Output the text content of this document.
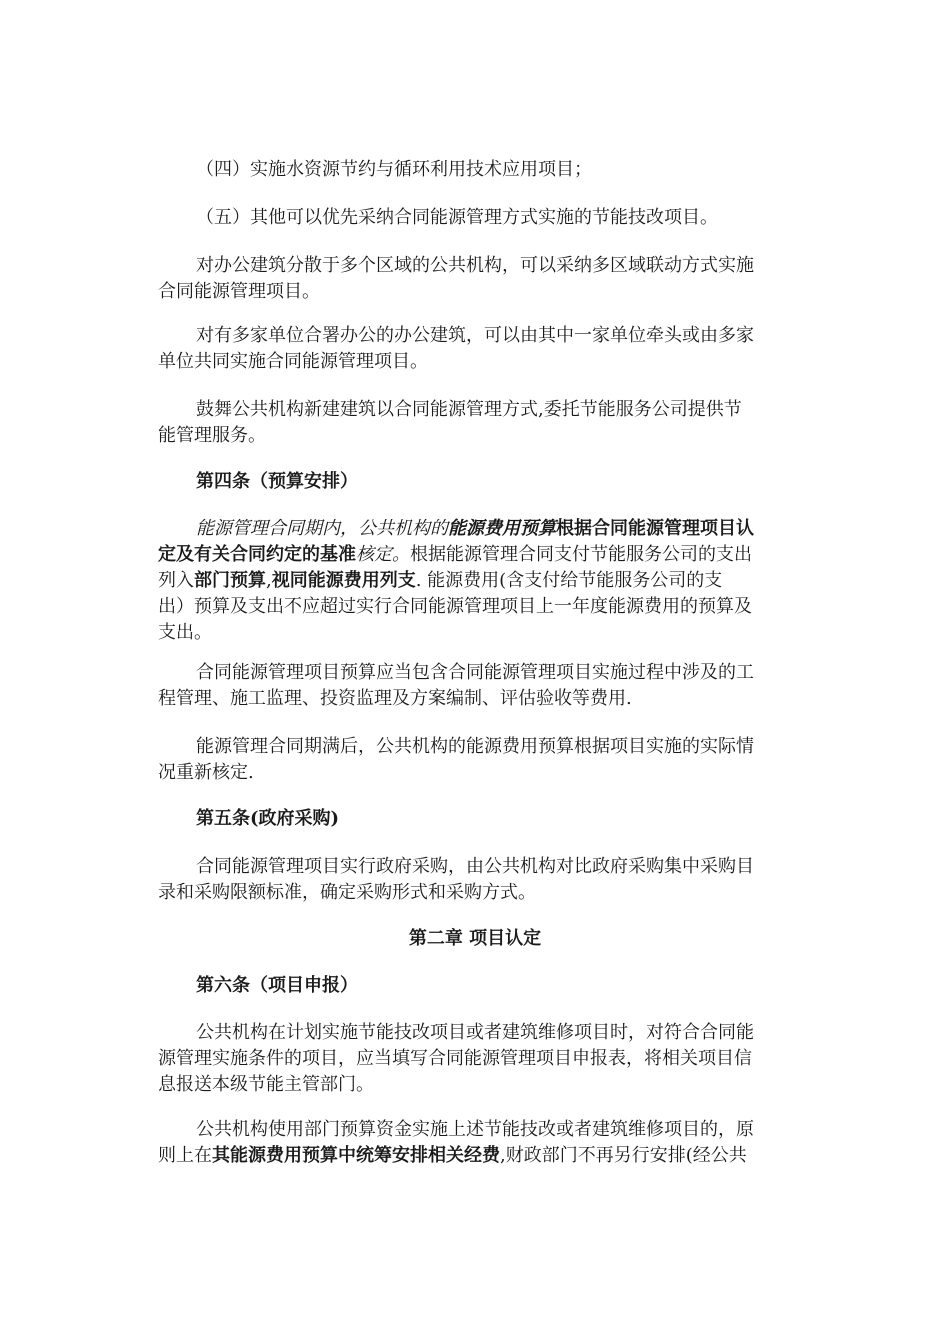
（四）实施水资源节约与循环利用技术应用项目；

（五）其他可以优先采纳合同能源管理方式实施的节能技改项目。

对办公建筑分散于多个区域的公共机构，可以采纳多区域联动方式实施
合同能源管理项目。

对有多家单位合署办公的办公建筑，可以由其中一家单位牵头或由多家
单位共同实施合同能源管理项目。

鼓舞公共机构新建建筑以合同能源管理方式,委托节能服务公司提供节
能管理服务。

第四条（预算安排）

能源管理合同期内，公共机构的能源费用预算根据合同能源管理项目认
定及有关合同约定的基准核定。根据能源管理合同支付节能服务公司的支出
列入部门预算,视同能源费用列支. 能源费用(含支付给节能服务公司的支
出）预算及支出不应超过实行合同能源管理项目上一年度能源费用的预算及
支出。

合同能源管理项目预算应当包含合同能源管理项目实施过程中涉及的工
程管理、施工监理、投资监理及方案编制、评估验收等费用.

能源管理合同期满后，公共机构的能源费用预算根据项目实施的实际情
况重新核定.

第五条(政府采购)

合同能源管理项目实行政府采购，由公共机构对比政府采购集中采购目
录和采购限额标准，确定采购形式和采购方式。

第二章 项目认定

第六条（项目申报）

公共机构在计划实施节能技改项目或者建筑维修项目时，对符合合同能
源管理实施条件的项目，应当填写合同能源管理项目申报表，将相关项目信
息报送本级节能主管部门。

公共机构使用部门预算资金实施上述节能技改或者建筑维修项目的，原
则上在其能源费用预算中统筹安排相关经费,财政部门不再另行安排(经公共
